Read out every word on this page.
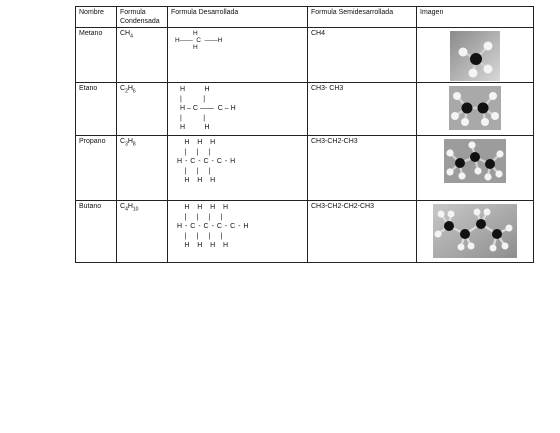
Nombre	Formula Condensada	Formula Desarrollada	Formula Semidesarrollada	Imagen
Metano	$CH_4$	H
H——  C  ——H
H	CH4	

Etano	$C_2H_6$	H          H
|           |
H – C ——  C – H
|           |
H          H	CH3- CH3	

Propano	$C_3H_8$	H   H   H
|    |    |
H - C - C - C - H
|    |    |
H   H   H	CH3-CH2-CH3	

Butano	$C_4H_{10}$	H   H   H   H
|    |    |    |
H - C - C - C - C - H
|    |    |    |
H   H   H   H	CH3-CH2-CH2-CH3	
